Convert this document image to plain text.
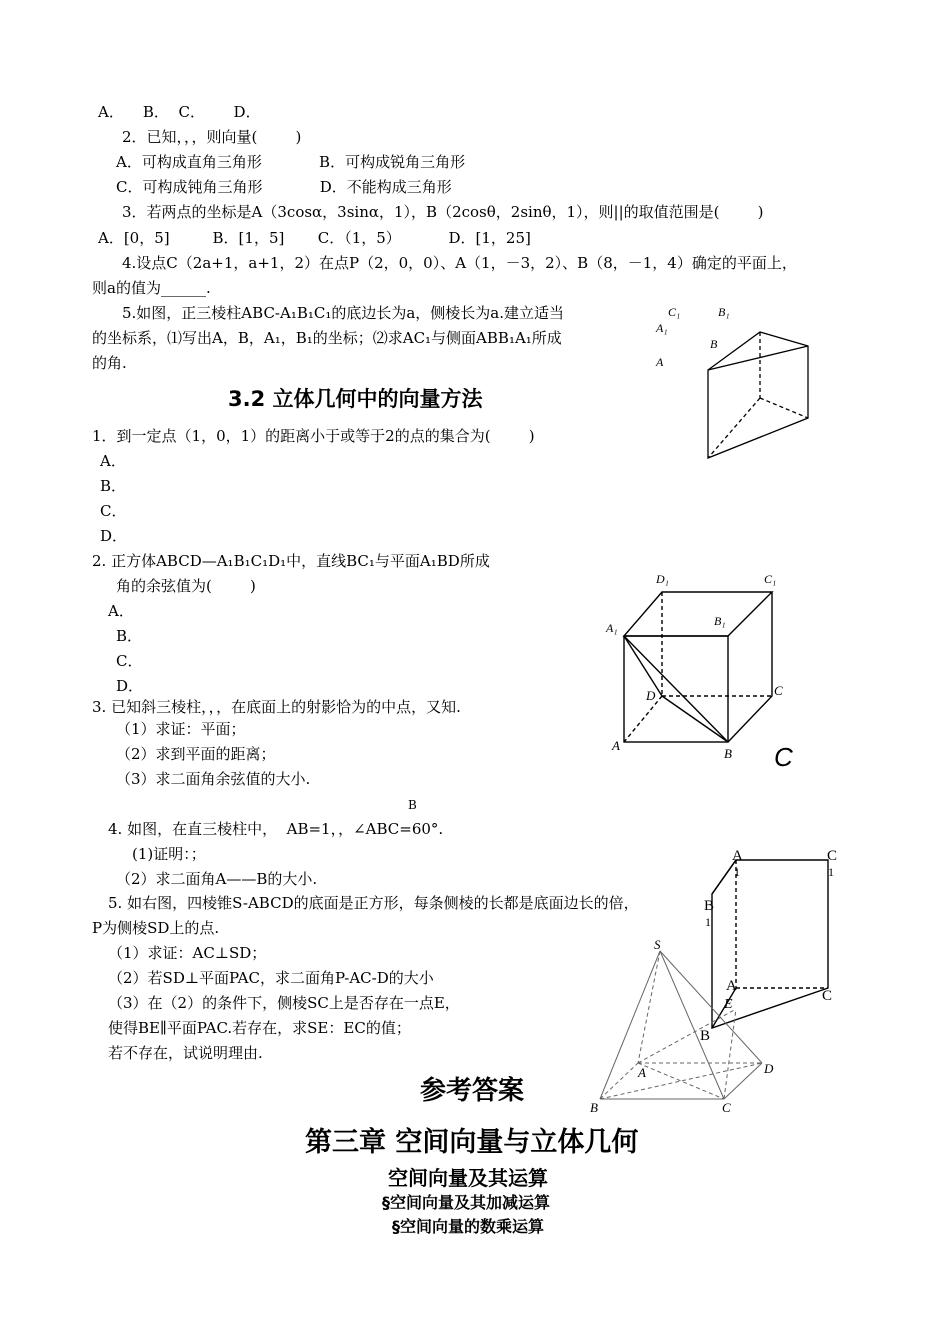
A．    B．  C．      D．
2．已知，，，则向量(        )
A．可构成直角三角形            B．可构成锐角三角形
C．可构成钝角三角形            D．不能构成三角形
3．若两点的坐标是A（3cosα，3sinα，1），B（2cosθ，2sinθ，1），则||的取值范围是(        )
A．[0，5]         B．[1，5]       C．（1，5）          D．[1，25]
4.设点C（2a+1，a+1，2）在点P（2，0，0）、A（1，－3，2）、B（8，－1，4）确定的平面上，
则a的值为______.
5.如图，正三棱柱ABC-A₁B₁C₁的底边长为a，侧棱长为a.建立适当
的坐标系，⑴写出A，B，A₁，B₁的坐标；⑵求AC₁与侧面ABB₁A₁所成
的角.
C₁	B₁
A₁
B
A
3.2 立体几何中的向量方法
1．到一定点（1，0，1）的距离小于或等于2的点的集合为(        )
A．
B．
C．
D．
2. 正方体ABCD—A₁B₁C₁D₁中，直线BC₁与平面A₁BD所成
角的余弦值为(        )
A．
B．
C．
D．
3. 已知斜三棱柱，，，在底面上的射影恰为的中点，又知.
（1）求证：平面；
（2）求到平面的距离；
（3）求二面角余弦值的大小.
B
4. 如图，在直三棱柱中，  AB=1，，∠ABC=60°.
(1)证明：；
（2）求二面角A——B的大小.
5. 如右图，四棱锥S-ABCD的底面是正方形，每条侧棱的长都是底面边长的倍，
P为侧棱SD上的点.
（1）求证：AC⊥SD；
（2）若SD⊥平面PAC，求二面角P-AC-D的大小
（3）在（2）的条件下，侧棱SC上是否存在一点E，
使得BE∥平面PAC.若存在，求SE：EC的值；
若不存在，试说明理由.
D₁	C₁
A₁	B₁
D	C
A
B C
A
1
C
1
B
1
A
E
C
B
S
A	D
B	C
参考答案
第三章 空间向量与立体几何
空间向量及其运算
§空间向量及其加减运算
§空间向量的数乘运算
